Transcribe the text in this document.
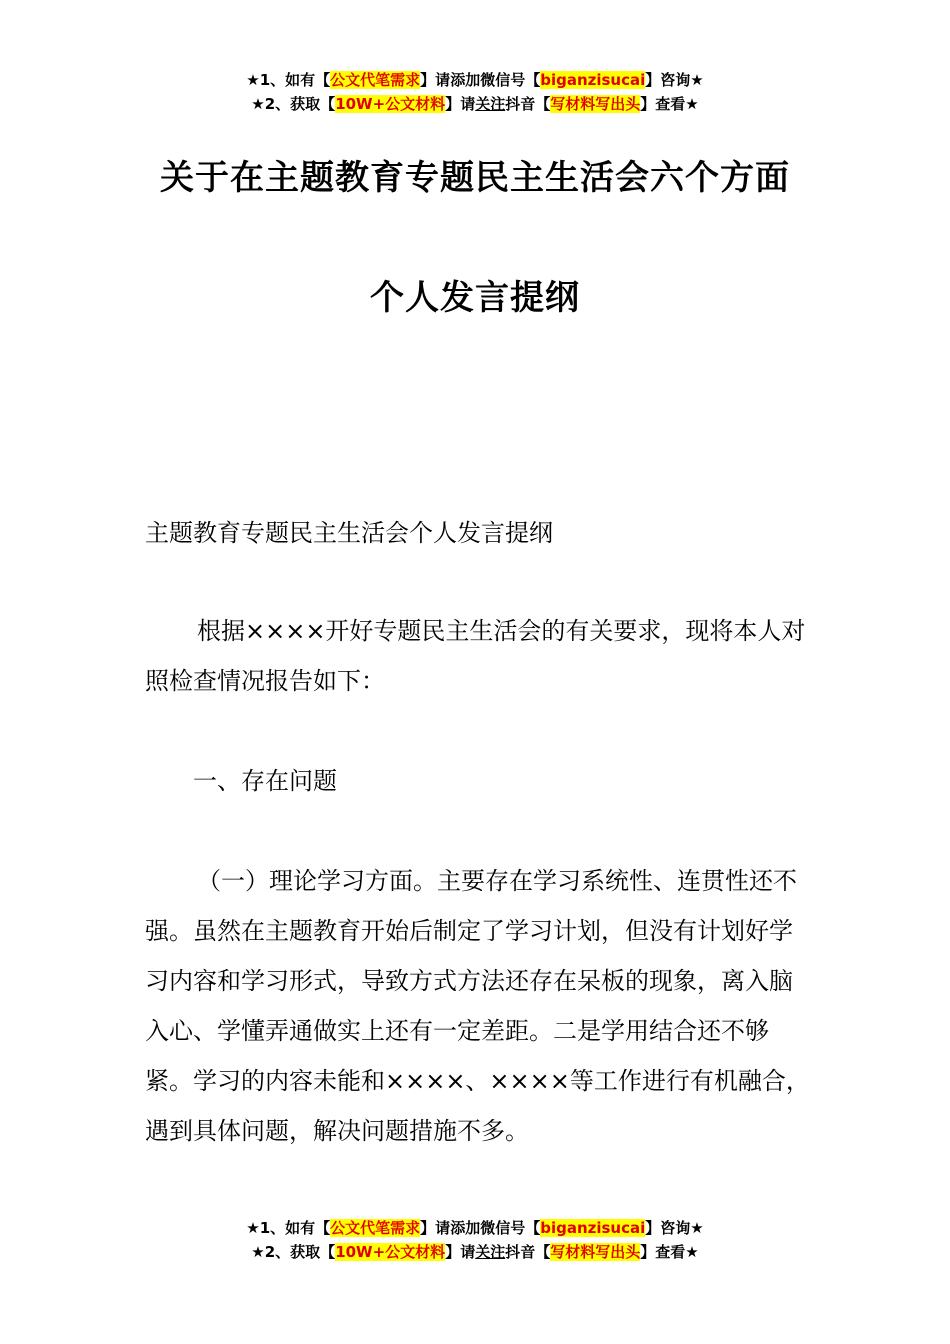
★1、如有【公文代笔需求】请添加微信号【biganzisucai】咨询★
★2、获取【10W+公文材料】请关注抖音【写材料写出头】查看★
关于在主题教育专题民主生活会六个方面
个人发言提纲
主题教育专题民主生活会个人发言提纲
根据××××开好专题民主生活会的有关要求，现将本人对照检查情况报告如下：
一、存在问题
（一）理论学习方面。主要存在学习系统性、连贯性还不强。虽然在主题教育开始后制定了学习计划，但没有计划好学习内容和学习形式，导致方式方法还存在呆板的现象，离入脑入心、学懂弄通做实上还有一定差距。二是学用结合还不够紧。学习的内容未能和××××、××××等工作进行有机融合，遇到具体问题，解决问题措施不多。
★1、如有【公文代笔需求】请添加微信号【biganzisucai】咨询★
★2、获取【10W+公文材料】请关注抖音【写材料写出头】查看★
